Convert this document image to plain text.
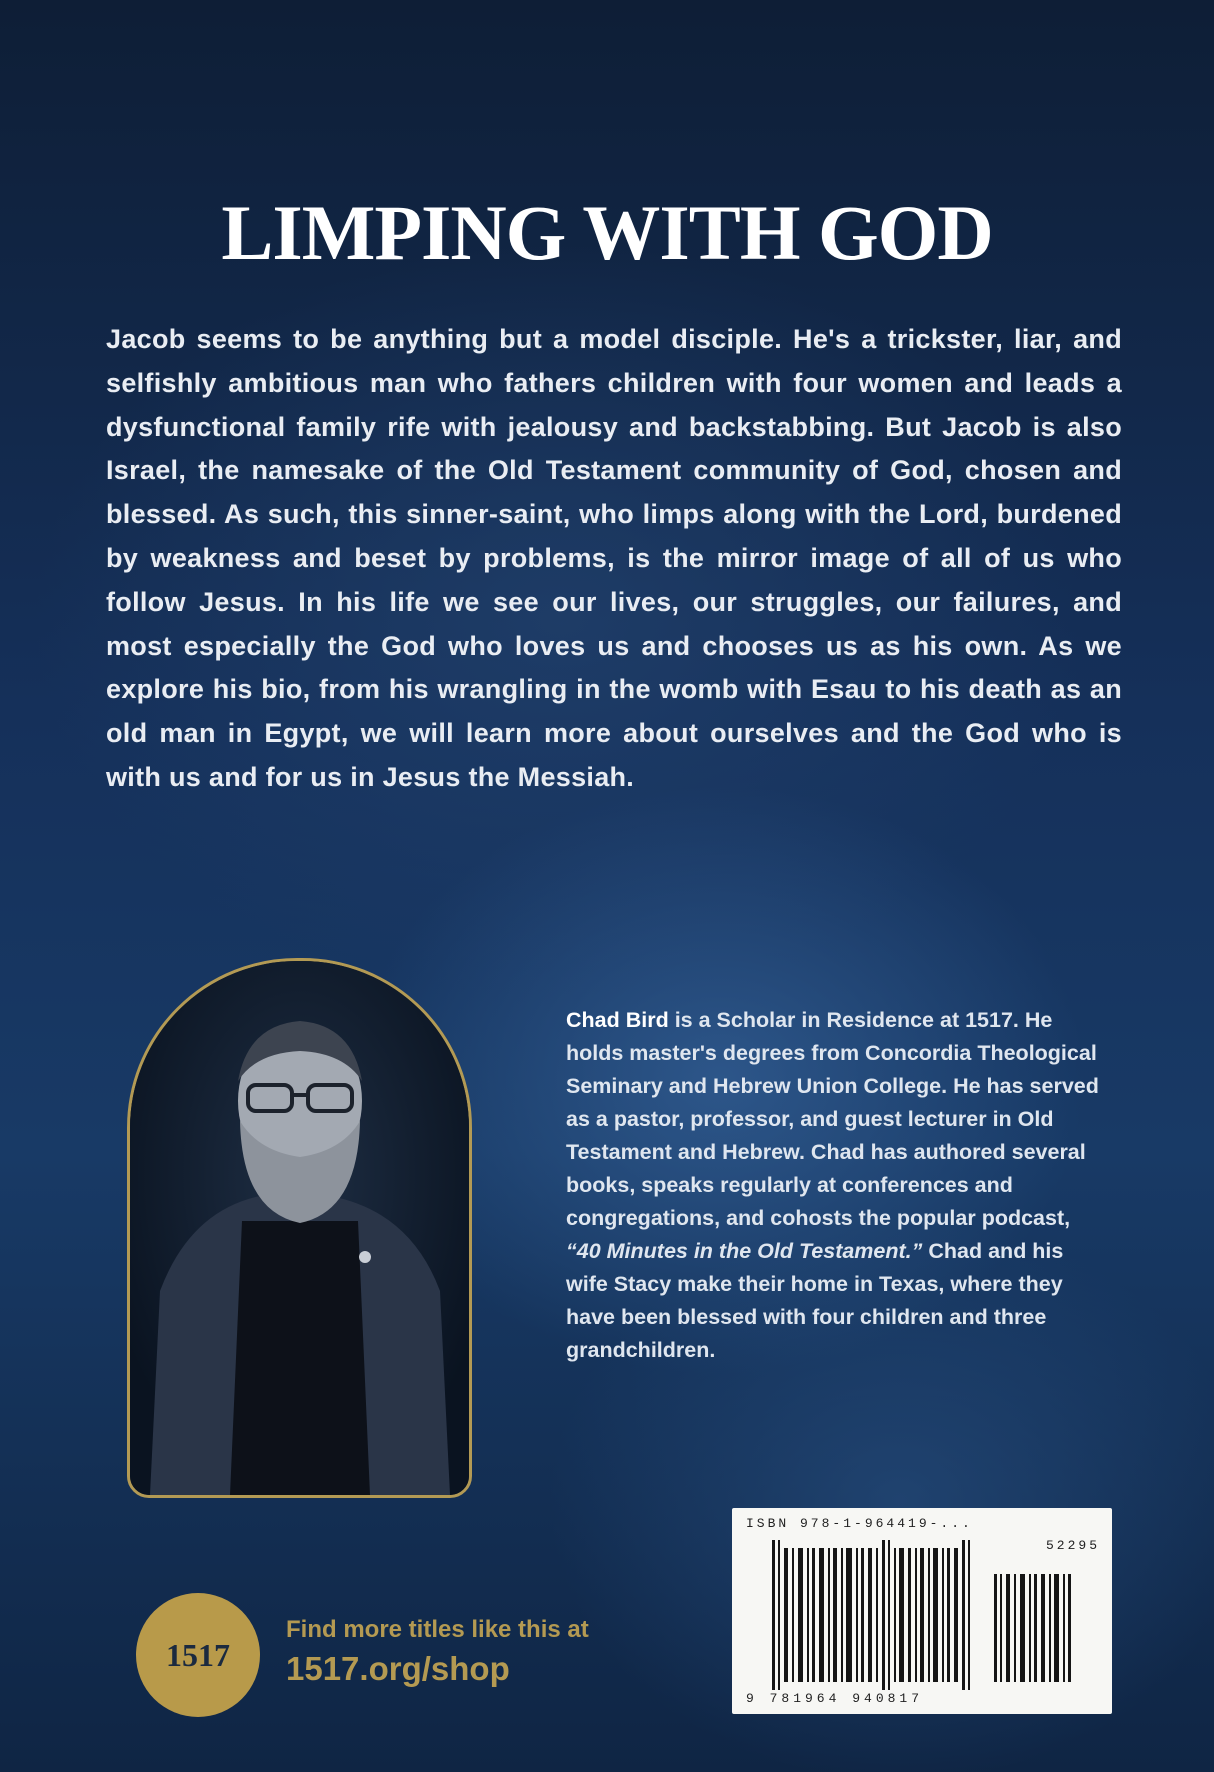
LIMPING WITH GOD
Jacob seems to be anything but a model disciple. He's a trickster, liar, and selfishly ambitious man who fathers children with four women and leads a dysfunctional family rife with jealousy and backstabbing. But Jacob is also Israel, the namesake of the Old Testament community of God, chosen and blessed. As such, this sinner-saint, who limps along with the Lord, burdened by weakness and beset by problems, is the mirror image of all of us who follow Jesus. In his life we see our lives, our struggles, our failures, and most especially the God who loves us and chooses us as his own. As we explore his bio, from his wrangling in the womb with Esau to his death as an old man in Egypt, we will learn more about ourselves and the God who is with us and for us in Jesus the Messiah.
Chad Bird is a Scholar in Residence at 1517. He holds master's degrees from Concordia Theological Seminary and Hebrew Union College. He has served as a pastor, professor, and guest lecturer in Old Testament and Hebrew. Chad has authored several books, speaks regularly at conferences and congregations, and cohosts the popular podcast, “40 Minutes in the Old Testament.” Chad and his wife Stacy make their home in Texas, where they have been blessed with four children and three grandchildren.
ISBN 978-1-964419-...
52295
9 781964 940817
1517
Find more titles like this at
1517.org/shop
